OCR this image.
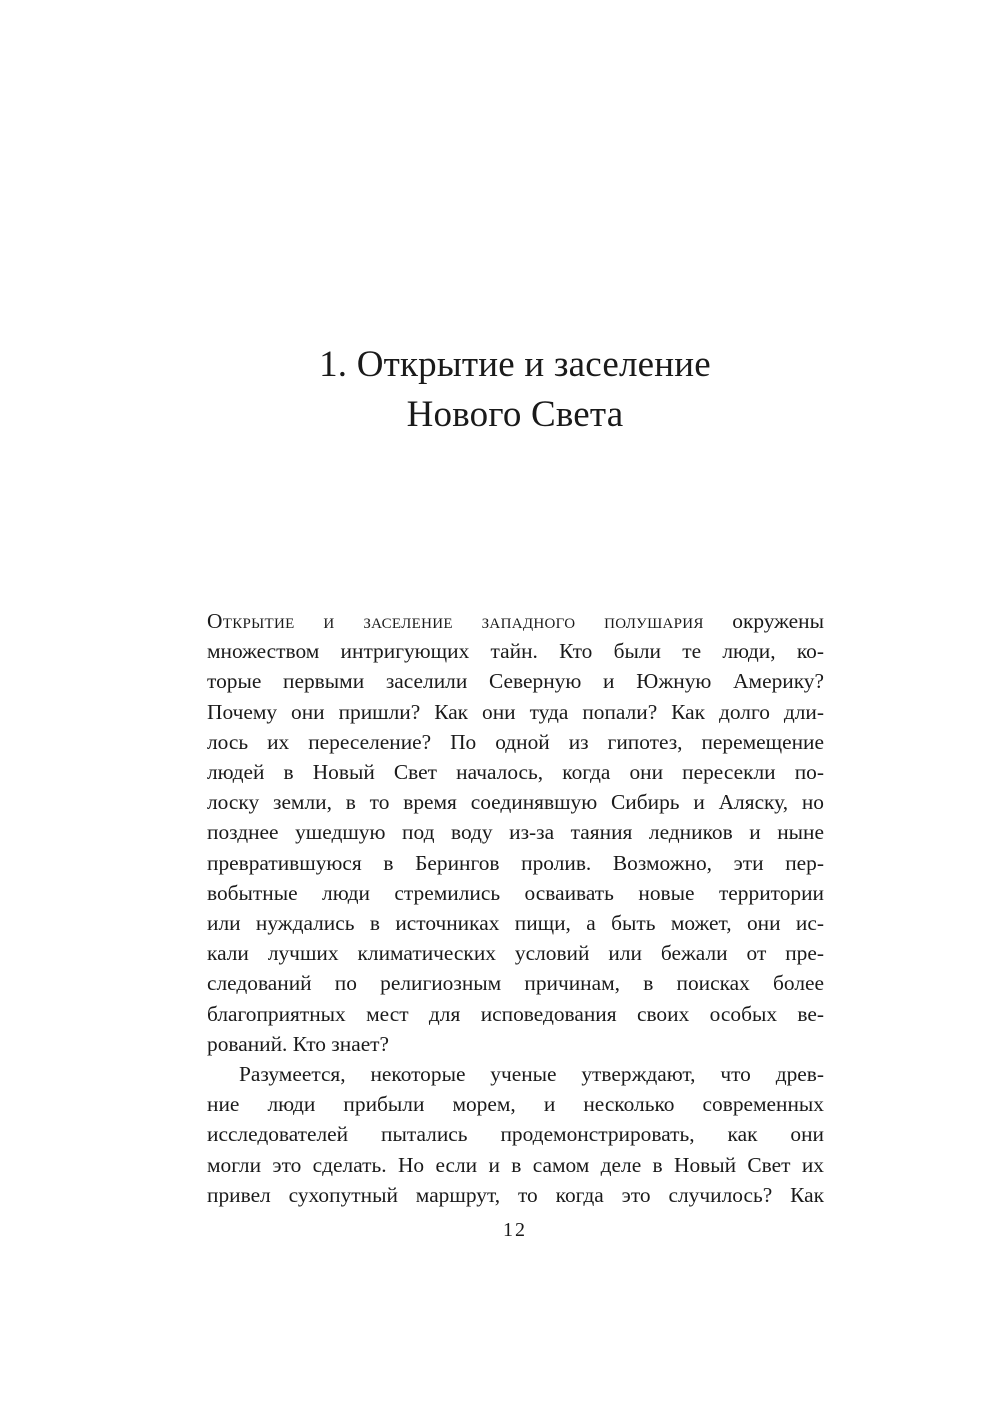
1. Открытие и заселение
Нового Света

Открытие и заселение западного полушария окружены
множеством интригующих тайн. Кто были те люди, ко-
торые первыми заселили Северную и Южную Америку?
Почему они пришли? Как они туда попали? Как долго дли-
лось их переселение? По одной из гипотез, перемещение
людей в Новый Свет началось, когда они пересекли по-
лоску земли, в то время соединявшую Сибирь и Аляску, но
позднее ушедшую под воду из-за таяния ледников и ныне
превратившуюся в Берингов пролив. Возможно, эти пер-
вобытные люди стремились осваивать новые территории
или нуждались в источниках пищи, а быть может, они ис-
кали лучших климатических условий или бежали от пре-
следований по религиозным причинам, в поисках более
благоприятных мест для исповедования своих особых ве-
рований. Кто знает?

Разумеется, некоторые ученые утверждают, что древ-
ние люди прибыли морем, и несколько современных
исследователей пытались продемонстрировать, как они
могли это сделать. Но если и в самом деле в Новый Свет их
привел сухопутный маршрут, то когда это случилось? Как

12
